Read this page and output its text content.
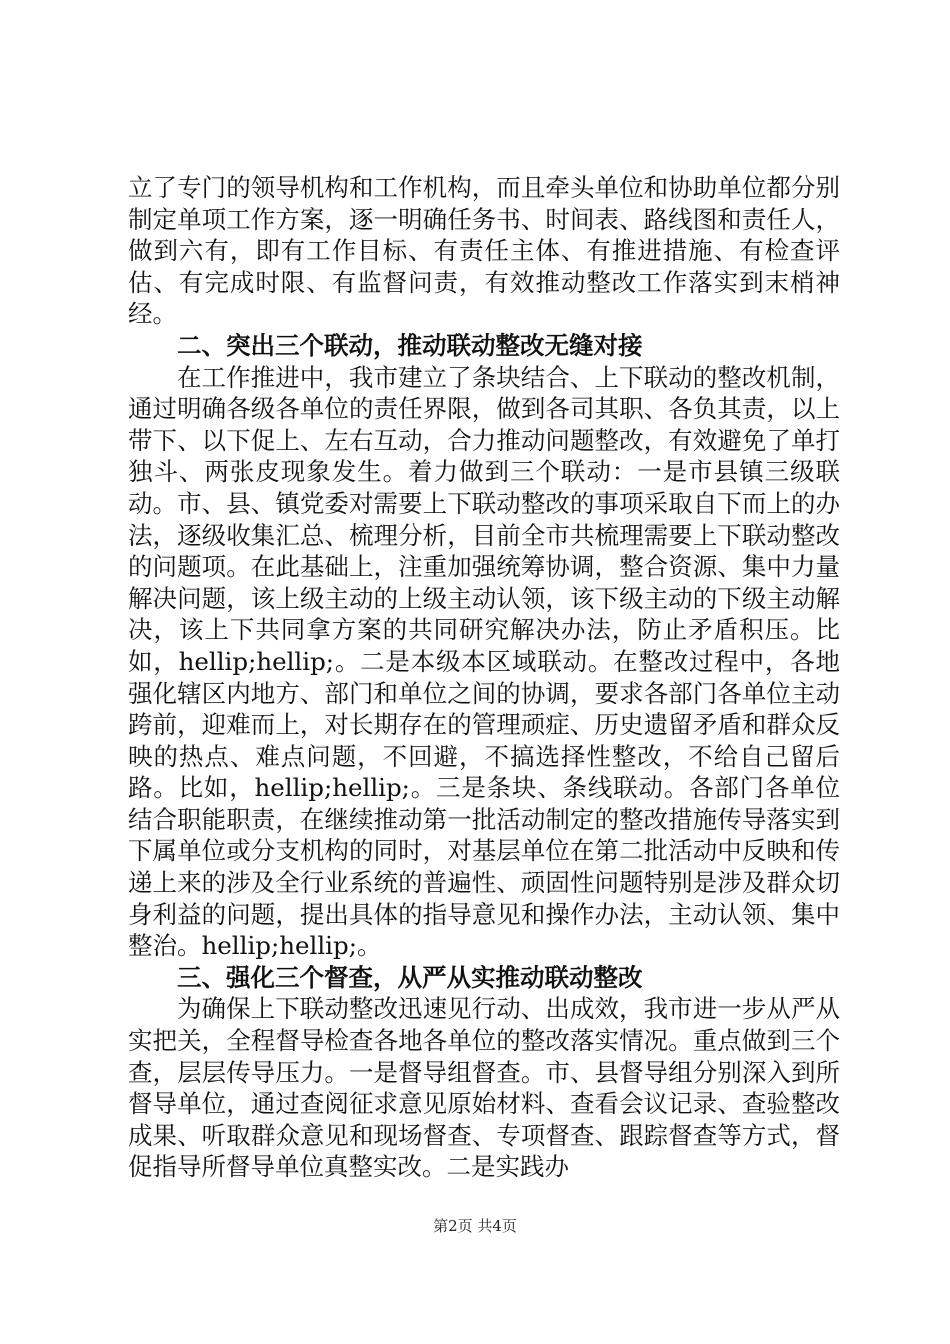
立了专门的领导机构和工作机构，而且牵头单位和协助单位都分别制定单项工作方案，逐一明确任务书、时间表、路线图和责任人，做到六有，即有工作目标、有责任主体、有推进措施、有检查评估、有完成时限、有监督问责，有效推动整改工作落实到末梢神经。

二、突出三个联动，推动联动整改无缝对接

在工作推进中，我市建立了条块结合、上下联动的整改机制，通过明确各级各单位的责任界限，做到各司其职、各负其责，以上带下、以下促上、左右互动，合力推动问题整改，有效避免了单打独斗、两张皮现象发生。着力做到三个联动：一是市县镇三级联动。市、县、镇党委对需要上下联动整改的事项采取自下而上的办法，逐级收集汇总、梳理分析，目前全市共梳理需要上下联动整改的问题项。在此基础上，注重加强统筹协调，整合资源、集中力量解决问题，该上级主动的上级主动认领，该下级主动的下级主动解决，该上下共同拿方案的共同研究解决办法，防止矛盾积压。比如，hellip;hellip;。二是本级本区域联动。在整改过程中，各地强化辖区内地方、部门和单位之间的协调，要求各部门各单位主动跨前，迎难而上，对长期存在的管理顽症、历史遗留矛盾和群众反映的热点、难点问题，不回避，不搞选择性整改，不给自己留后路。比如，hellip;hellip;。三是条块、条线联动。各部门各单位结合职能职责，在继续推动第一批活动制定的整改措施传导落实到下属单位或分支机构的同时，对基层单位在第二批活动中反映和传递上来的涉及全行业系统的普遍性、顽固性问题特别是涉及群众切身利益的问题，提出具体的指导意见和操作办法，主动认领、集中整治。hellip;hellip;。

三、强化三个督查，从严从实推动联动整改

为确保上下联动整改迅速见行动、出成效，我市进一步从严从实把关，全程督导检查各地各单位的整改落实情况。重点做到三个查，层层传导压力。一是督导组督查。市、县督导组分别深入到所督导单位，通过查阅征求意见原始材料、查看会议记录、查验整改成果、听取群众意见和现场督查、专项督查、跟踪督查等方式，督促指导所督导单位真整实改。二是实践办

第2页 共4页
